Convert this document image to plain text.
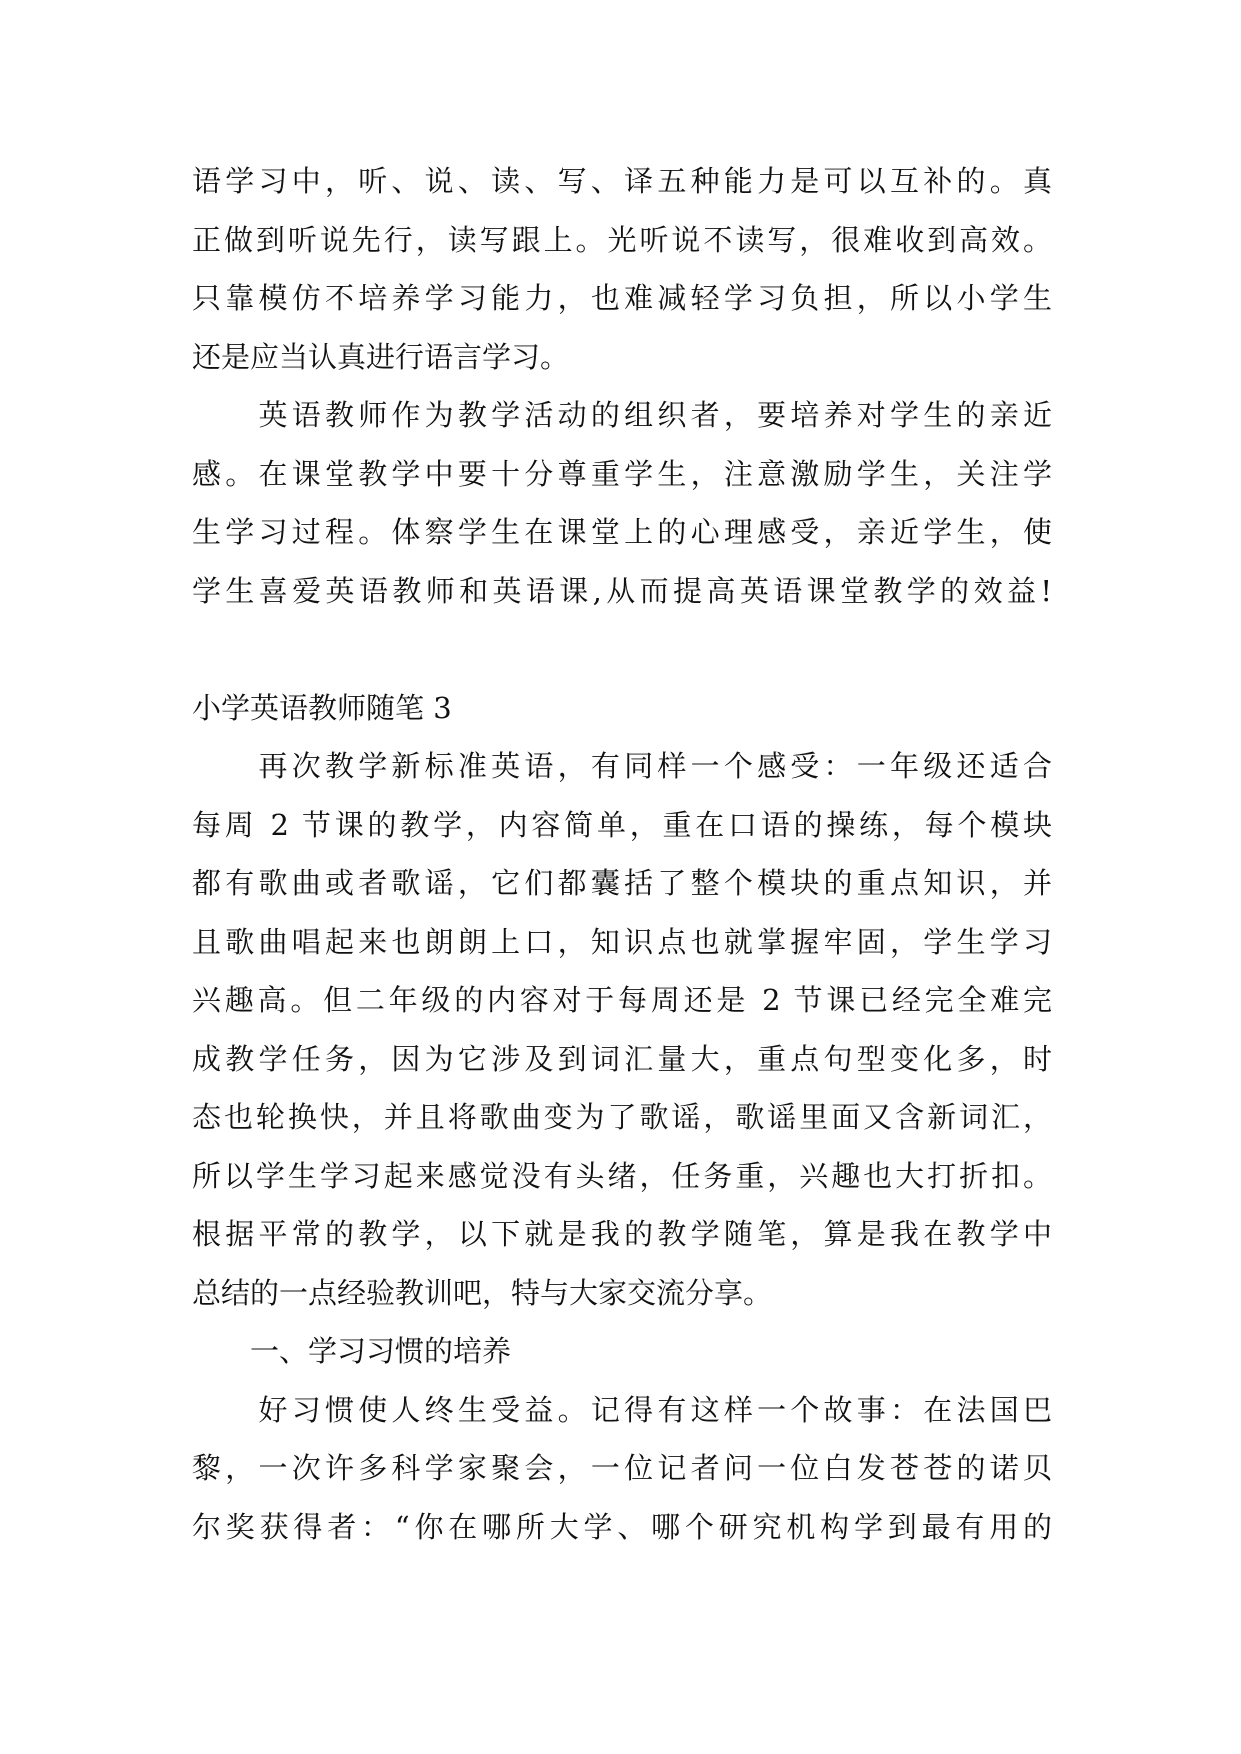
语学习中，听、说、读、写、译五种能力是可以互补的。真
正做到听说先行，读写跟上。光听说不读写，很难收到高效。
只靠模仿不培养学习能力，也难减轻学习负担，所以小学生
还是应当认真进行语言学习。
　　英语教师作为教学活动的组织者，要培养对学生的亲近
感。在课堂教学中要十分尊重学生，注意激励学生，关注学
生学习过程。体察学生在课堂上的心理感受，亲近学生，使
学生喜爱英语教师和英语课,从而提高英语课堂教学的效益!
小学英语教师随笔 3
　　再次教学新标准英语，有同样一个感受：一年级还适合
每周 2 节课的教学，内容简单，重在口语的操练，每个模块
都有歌曲或者歌谣，它们都囊括了整个模块的重点知识，并
且歌曲唱起来也朗朗上口，知识点也就掌握牢固，学生学习
兴趣高。但二年级的内容对于每周还是 2 节课已经完全难完
成教学任务，因为它涉及到词汇量大，重点句型变化多，时
态也轮换快，并且将歌曲变为了歌谣，歌谣里面又含新词汇，
所以学生学习起来感觉没有头绪，任务重，兴趣也大打折扣。
根据平常的教学，以下就是我的教学随笔，算是我在教学中
总结的一点经验教训吧，特与大家交流分享。
　　一、学习习惯的培养
　　好习惯使人终生受益。记得有这样一个故事：在法国巴
黎，一次许多科学家聚会，一位记者问一位白发苍苍的诺贝
尔奖获得者：“你在哪所大学、哪个研究机构学到最有用的
